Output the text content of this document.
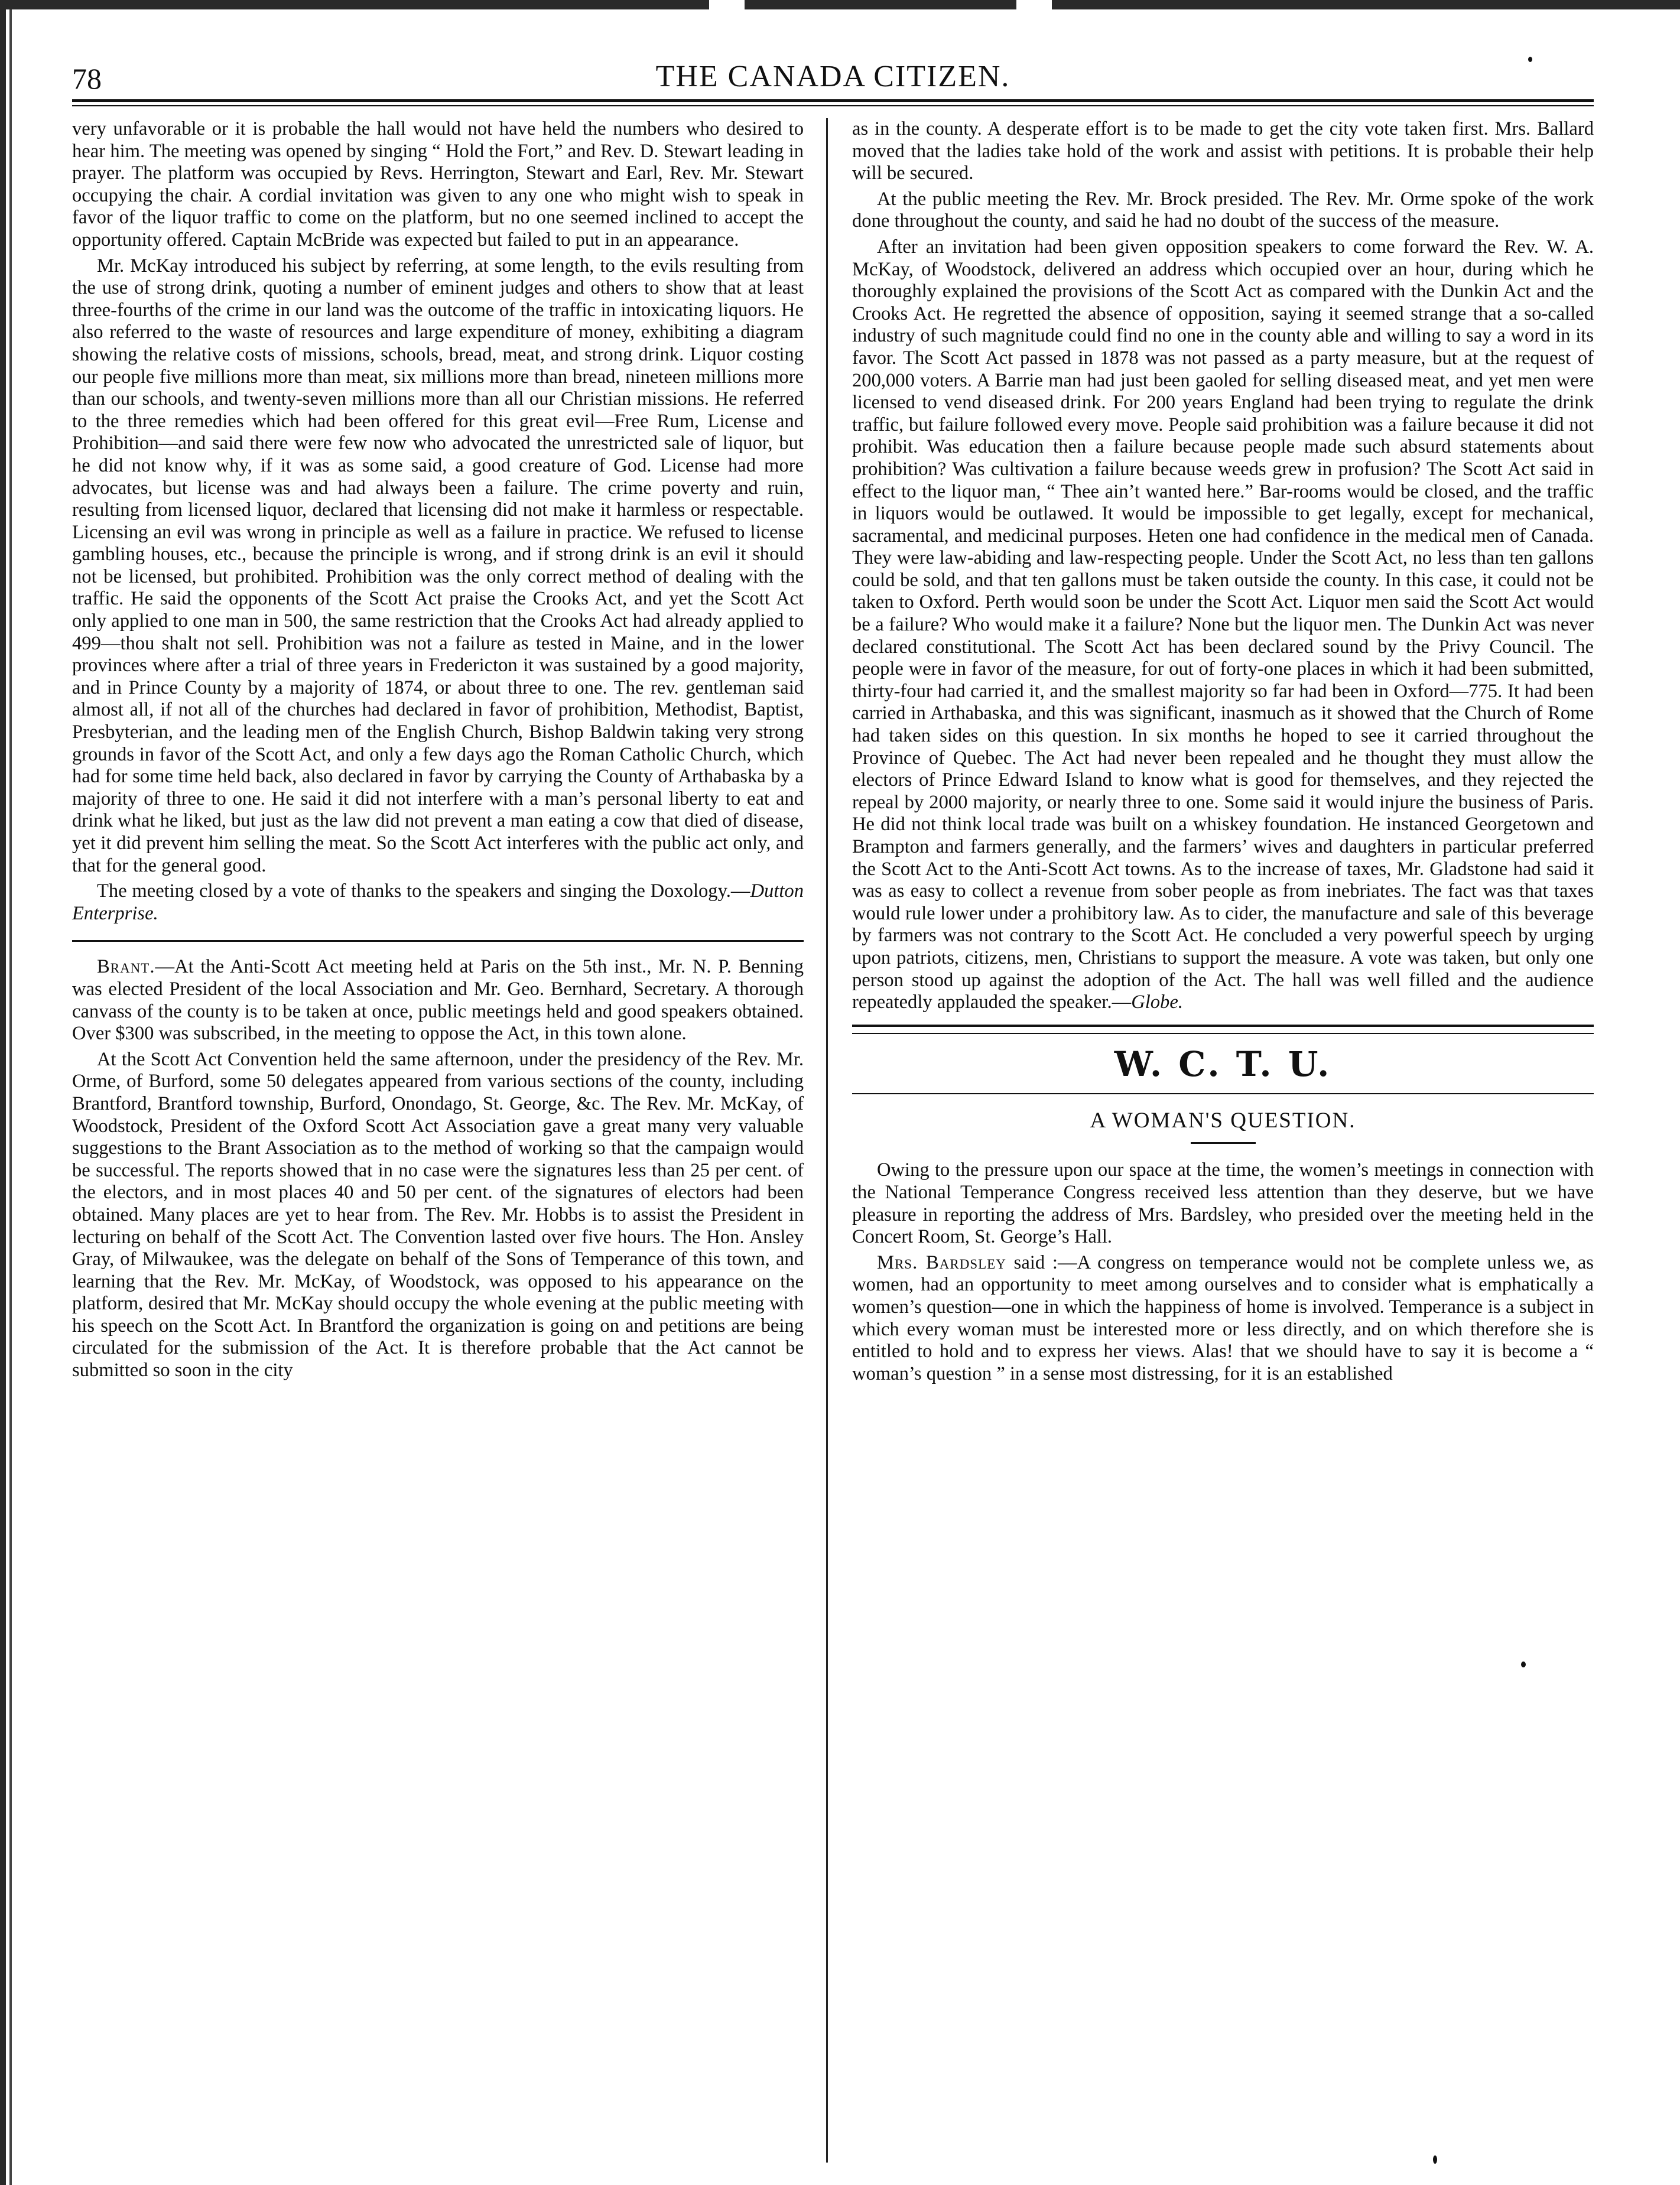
78	THE CANADA CITIZEN.

very unfavorable or it is probable the hall would not have held the numbers who desired to hear him. The meeting was opened by singing “ Hold the Fort,” and Rev. D. Stewart leading in prayer. The platform was occupied by Revs. Herrington, Stewart and Earl, Rev. Mr. Stewart occupying the chair. A cordial invitation was given to any one who might wish to speak in favor of the liquor traffic to come on the platform, but no one seemed inclined to accept the opportunity offered. Captain McBride was expected but failed to put in an appearance.

Mr. McKay introduced his subject by referring, at some length, to the evils resulting from the use of strong drink, quoting a number of eminent judges and others to show that at least three-fourths of the crime in our land was the outcome of the traffic in intoxicating liquors. He also referred to the waste of resources and large expenditure of money, exhibiting a diagram showing the relative costs of missions, schools, bread, meat, and strong drink. Liquor costing our people five millions more than meat, six millions more than bread, nineteen millions more than our schools, and twenty-seven millions more than all our Christian missions. He referred to the three remedies which had been offered for this great evil—Free Rum, License and Prohibition—and said there were few now who advocated the unrestricted sale of liquor, but he did not know why, if it was as some said, a good creature of God. License had more advocates, but license was and had always been a failure. The crime poverty and ruin, resulting from licensed liquor, declared that licensing did not make it harmless or respectable. Licensing an evil was wrong in principle as well as a failure in practice. We refused to license gambling houses, etc., because the principle is wrong, and if strong drink is an evil it should not be licensed, but prohibited. Prohibition was the only correct method of dealing with the traffic. He said the opponents of the Scott Act praise the Crooks Act, and yet the Scott Act only applied to one man in 500, the same restriction that the Crooks Act had already applied to 499—thou shalt not sell. Prohibition was not a failure as tested in Maine, and in the lower provinces where after a trial of three years in Fredericton it was sustained by a good majority, and in Prince County by a majority of 1874, or about three to one. The rev. gentleman said almost all, if not all of the churches had declared in favor of prohibition, Methodist, Baptist, Presbyterian, and the leading men of the English Church, Bishop Baldwin taking very strong grounds in favor of the Scott Act, and only a few days ago the Roman Catholic Church, which had for some time held back, also declared in favor by carrying the County of Arthabaska by a majority of three to one. He said it did not interfere with a man’s personal liberty to eat and drink what he liked, but just as the law did not prevent a man eating a cow that died of disease, yet it did prevent him selling the meat. So the Scott Act interferes with the public act only, and that for the general good.

The meeting closed by a vote of thanks to the speakers and singing the Doxology.—Dutton Enterprise.

Brant.—At the Anti-Scott Act meeting held at Paris on the 5th inst., Mr. N. P. Benning was elected President of the local Association and Mr. Geo. Bernhard, Secretary. A thorough canvass of the county is to be taken at once, public meetings held and good speakers obtained. Over $300 was subscribed, in the meeting to oppose the Act, in this town alone.

At the Scott Act Convention held the same afternoon, under the presidency of the Rev. Mr. Orme, of Burford, some 50 delegates appeared from various sections of the county, including Brantford, Brantford township, Burford, Onondago, St. George, &c. The Rev. Mr. McKay, of Woodstock, President of the Oxford Scott Act Association gave a great many very valuable suggestions to the Brant Association as to the method of working so that the campaign would be successful. The reports showed that in no case were the signatures less than 25 per cent. of the electors, and in most places 40 and 50 per cent. of the signatures of electors had been obtained. Many places are yet to hear from. The Rev. Mr. Hobbs is to assist the President in lecturing on behalf of the Scott Act. The Convention lasted over five hours. The Hon. Ansley Gray, of Milwaukee, was the delegate on behalf of the Sons of Temperance of this town, and learning that the Rev. Mr. McKay, of Woodstock, was opposed to his appearance on the platform, desired that Mr. McKay should occupy the whole evening at the public meeting with his speech on the Scott Act. In Brantford the organization is going on and petitions are being circulated for the submission of the Act. It is therefore probable that the Act cannot be submitted so soon in the city

as in the county. A desperate effort is to be made to get the city vote taken first. Mrs. Ballard moved that the ladies take hold of the work and assist with petitions. It is probable their help will be secured.

At the public meeting the Rev. Mr. Brock presided. The Rev. Mr. Orme spoke of the work done throughout the county, and said he had no doubt of the success of the measure.

After an invitation had been given opposition speakers to come forward the Rev. W. A. McKay, of Woodstock, delivered an address which occupied over an hour, during which he thoroughly explained the provisions of the Scott Act as compared with the Dunkin Act and the Crooks Act. He regretted the absence of opposition, saying it seemed strange that a so-called industry of such magnitude could find no one in the county able and willing to say a word in its favor. The Scott Act passed in 1878 was not passed as a party measure, but at the request of 200,000 voters. A Barrie man had just been gaoled for selling diseased meat, and yet men were licensed to vend diseased drink. For 200 years England had been trying to regulate the drink traffic, but failure followed every move. People said prohibition was a failure because it did not prohibit. Was education then a failure because people made such absurd statements about prohibition? Was cultivation a failure because weeds grew in profusion? The Scott Act said in effect to the liquor man, “ Thee ain’t wanted here.” Bar-rooms would be closed, and the traffic in liquors would be outlawed. It would be impossible to get legally, except for mechanical, sacramental, and medicinal purposes. Heten one had confidence in the medical men of Canada. They were law-abiding and law-respecting people. Under the Scott Act, no less than ten gallons could be sold, and that ten gallons must be taken outside the county. In this case, it could not be taken to Oxford. Perth would soon be under the Scott Act. Liquor men said the Scott Act would be a failure? Who would make it a failure? None but the liquor men. The Dunkin Act was never declared constitutional. The Scott Act has been declared sound by the Privy Council. The people were in favor of the measure, for out of forty-one places in which it had been submitted, thirty-four had carried it, and the smallest majority so far had been in Oxford—775. It had been carried in Arthabaska, and this was significant, inasmuch as it showed that the Church of Rome had taken sides on this question. In six months he hoped to see it carried throughout the Province of Quebec. The Act had never been repealed and he thought they must allow the electors of Prince Edward Island to know what is good for themselves, and they rejected the repeal by 2000 majority, or nearly three to one. Some said it would injure the business of Paris. He did not think local trade was built on a whiskey foundation. He instanced Georgetown and Brampton and farmers generally, and the farmers’ wives and daughters in particular preferred the Scott Act to the Anti-Scott Act towns. As to the increase of taxes, Mr. Gladstone had said it was as easy to collect a revenue from sober people as from inebriates. The fact was that taxes would rule lower under a prohibitory law. As to cider, the manufacture and sale of this beverage by farmers was not contrary to the Scott Act. He concluded a very powerful speech by urging upon patriots, citizens, men, Christians to support the measure. A vote was taken, but only one person stood up against the adoption of the Act. The hall was well filled and the audience repeatedly applauded the speaker.—Globe.

W. C. T. U.
A WOMAN'S QUESTION.

Owing to the pressure upon our space at the time, the women’s meetings in connection with the National Temperance Congress received less attention than they deserve, but we have pleasure in reporting the address of Mrs. Bardsley, who presided over the meeting held in the Concert Room, St. George’s Hall.

Mrs. Bardsley said :—A congress on temperance would not be complete unless we, as women, had an opportunity to meet among ourselves and to consider what is emphatically a women’s question—one in which the happiness of home is involved. Temperance is a subject in which every woman must be interested more or less directly, and on which therefore she is entitled to hold and to express her views. Alas! that we should have to say it is become a “ woman’s question ” in a sense most distressing, for it is an established
